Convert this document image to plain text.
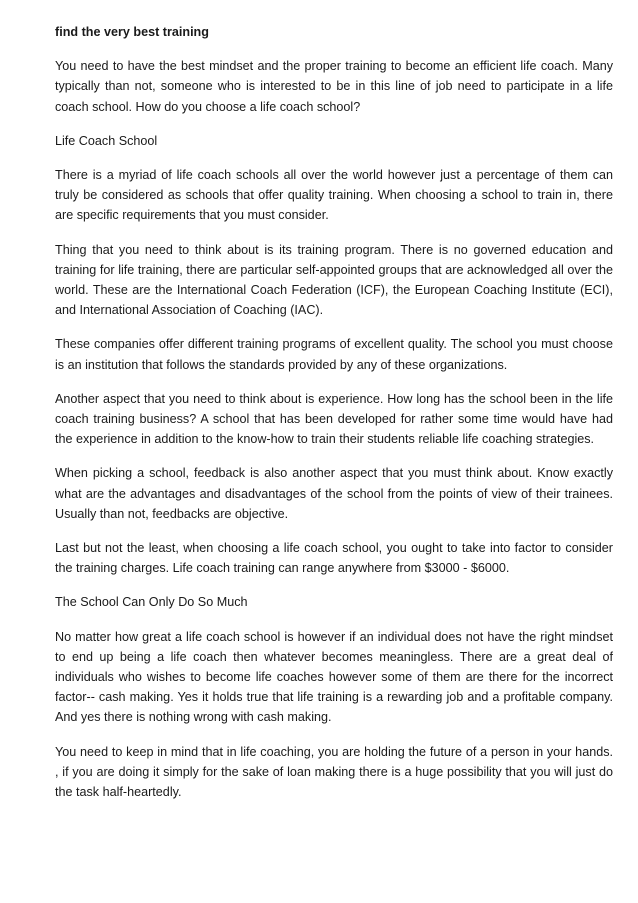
find the very best training
You need to have the best mindset and the proper training to become an efficient life coach. Many typically than not, someone who is interested to be in this line of job need to participate in a life coach school. How do you choose a life coach school?
Life Coach School
There is a myriad of life coach schools all over the world however just a percentage of them can truly be considered as schools that offer quality training. When choosing a school to train in, there are specific requirements that you must consider.
Thing that you need to think about is its training program. There is no governed education and training for life training, there are particular self-appointed groups that are acknowledged all over the world. These are the International Coach Federation (ICF), the European Coaching Institute (ECI), and International Association of Coaching (IAC).
These companies offer different training programs of excellent quality. The school you must choose is an institution that follows the standards provided by any of these organizations.
Another aspect that you need to think about is experience. How long has the school been in the life coach training business? A school that has been developed for rather some time would have had the experience in addition to the know-how to train their students reliable life coaching strategies.
When picking a school, feedback is also another aspect that you must think about. Know exactly what are the advantages and disadvantages of the school from the points of view of their trainees. Usually than not, feedbacks are objective.
Last but not the least, when choosing a life coach school, you ought to take into factor to consider the training charges. Life coach training can range anywhere from $3000 - $6000.
The School Can Only Do So Much
No matter how great a life coach school is however if an individual does not have the right mindset to end up being a life coach then whatever becomes meaningless. There are a great deal of individuals who wishes to become life coaches however some of them are there for the incorrect factor-- cash making. Yes it holds true that life training is a rewarding job and a profitable company. And yes there is nothing wrong with cash making.
You need to keep in mind that in life coaching, you are holding the future of a person in your hands. , if you are doing it simply for the sake of loan making there is a huge possibility that you will just do the task half-heartedly.
